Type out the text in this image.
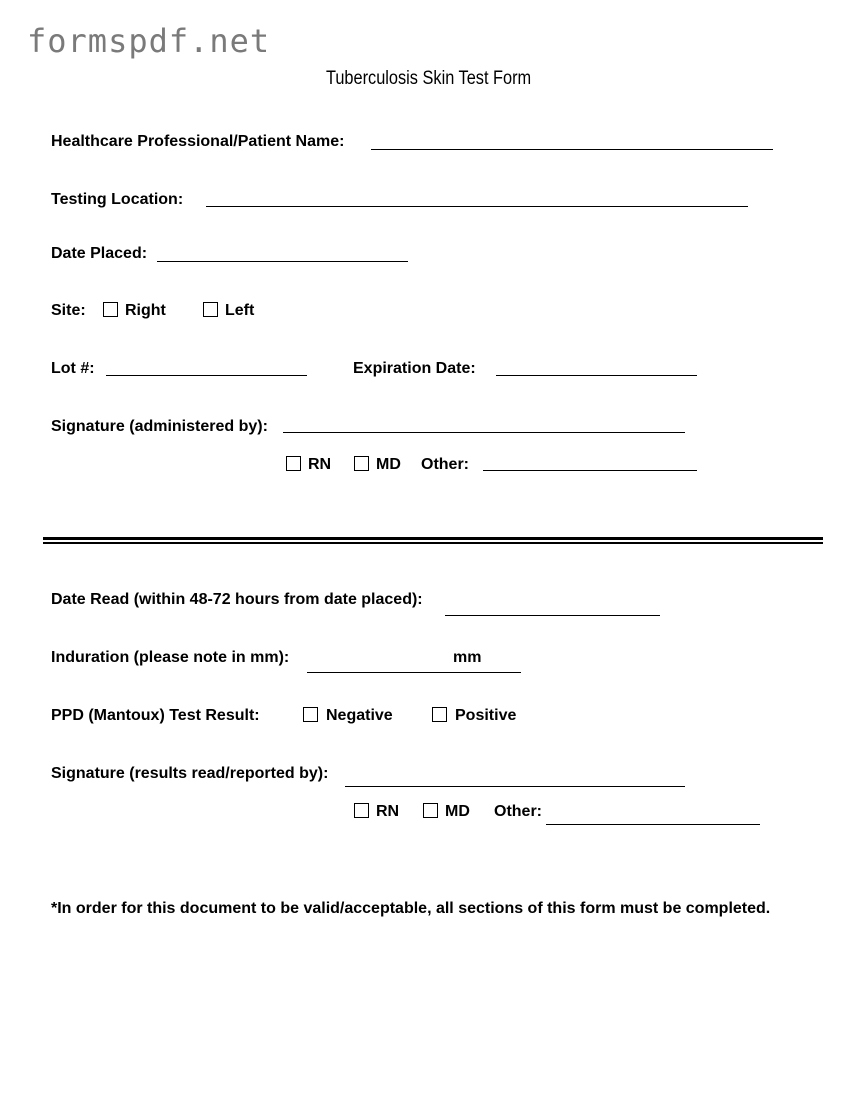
formspdf.net
Tuberculosis Skin Test Form
Healthcare Professional/Patient Name:
Testing Location:
Date Placed:
Site: Right	Left
Lot #:	Expiration Date:
Signature (administered by):
RN	MD Other:
Date Read (within 48-72 hours from date placed):
Induration (please note in mm):	mm
PPD (Mantoux) Test Result:	Negative	Positive
Signature (results read/reported by):
RN	MD Other:
*In order for this document to be valid/acceptable, all sections of this form must be completed.
